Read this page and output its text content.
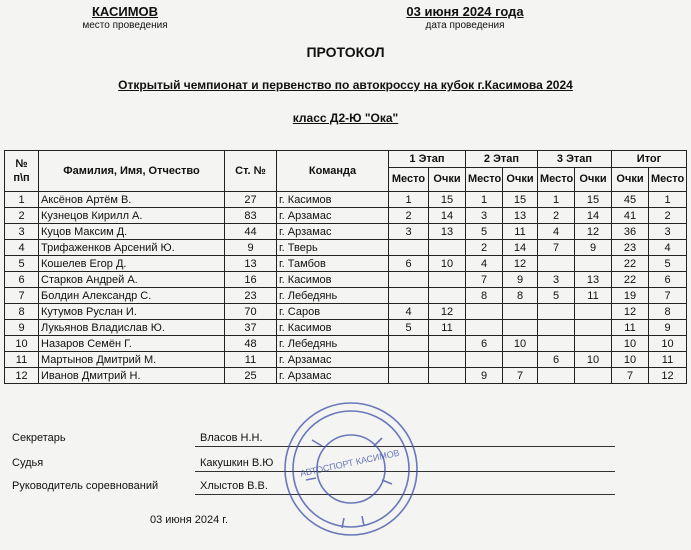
КАСИМОВ
место проведения
03 июня 2024 года
дата проведения
ПРОТОКОЛ
Открытый чемпионат и первенство по автокроссу на кубок г.Касимова 2024
класс Д2-Ю "Ока"
№ п\п	Фамилия, Имя, Отчество	Ст. №	Команда	1 Этап		2 Этап		3 Этап		Итог	
				Место	Очки	Место	Очки	Место	Очки	Очки	Место
1	Аксёнов Артём В.	27	г. Касимов	1	15	1	15	1	15	45	1
2	Кузнецов Кирилл А.	83	г. Арзамас	2	14	3	13	2	14	41	2
3	Куцов Максим Д.	44	г. Арзамас	3	13	5	11	4	12	36	3
4	Трифаженков Арсений Ю.	9	г. Тверь			2	14	7	9	23	4
5	Кошелев Егор Д.	13	г. Тамбов	6	10	4	12			22	5
6	Старков Андрей А.	16	г. Касимов			7	9	3	13	22	6
7	Болдин Александр С.	23	г. Лебедянь			8	8	5	11	19	7
8	Кутумов Руслан И.	70	г. Саров	4	12					12	8
9	Лукьянов Владислав Ю.	37	г. Касимов	5	11					11	9
10	Назаров Семён Г.	48	г. Лебедянь			6	10			10	10
11	Мартынов Дмитрий М.	11	г. Арзамас					6	10	10	11
12	Иванов Дмитрий Н.	25	г. Арзамас			9	7			7	12
Секретарь	Власов Н.Н.
Судья	Какушкин В.Ю
Руководитель соревнований	Хлыстов В.В.
03 июня 2024 г.
АВТОСПОРТ КАСИМОВ
